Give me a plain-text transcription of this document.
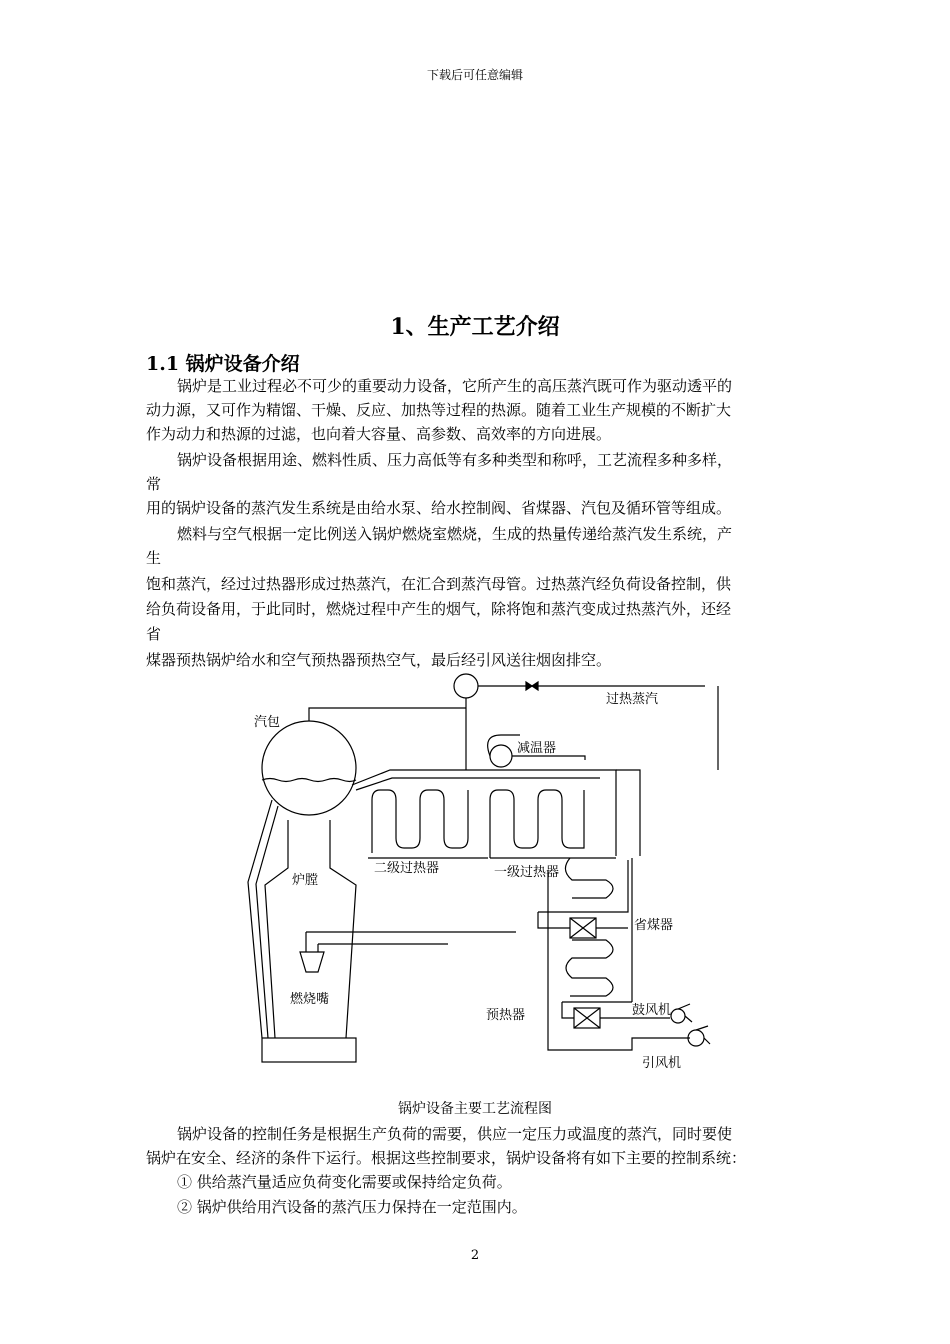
下载后可任意编辑
1、生产工艺介绍
1.1 锅炉设备介绍
锅炉是工业过程必不可少的重要动力设备，它所产生的高压蒸汽既可作为驱动透平的
动力源，又可作为精馏、干燥、反应、加热等过程的热源。随着工业生产规模的不断扩大
作为动力和热源的过滤，也向着大容量、高参数、高效率的方向进展。
锅炉设备根据用途、燃料性质、压力高低等有多种类型和称呼，工艺流程多种多样，
常
用的锅炉设备的蒸汽发生系统是由给水泵、给水控制阀、省煤器、汽包及循环管等组成。
燃料与空气根据一定比例送入锅炉燃烧室燃烧，生成的热量传递给蒸汽发生系统，产
生
饱和蒸汽，经过过热器形成过热蒸汽，在汇合到蒸汽母管。过热蒸汽经负荷设备控制，供
给负荷设备用，于此同时，燃烧过程中产生的烟气，除将饱和蒸汽变成过热蒸汽外，还经
省
煤器预热锅炉给水和空气预热器预热空气，最后经引风送往烟囱排空。
汽包
过热蒸汽
减温器
炉膛
二级过热器	一级过热器
省煤器
燃烧嘴
预热器	鼓风机
引风机
锅炉设备主要工艺流程图
锅炉设备的控制任务是根据生产负荷的需要，供应一定压力或温度的蒸汽，同时要使
锅炉在安全、经济的条件下运行。根据这些控制要求，锅炉设备将有如下主要的控制系统：
① 供给蒸汽量适应负荷变化需要或保持给定负荷。
② 锅炉供给用汽设备的蒸汽压力保持在一定范围内。
2
